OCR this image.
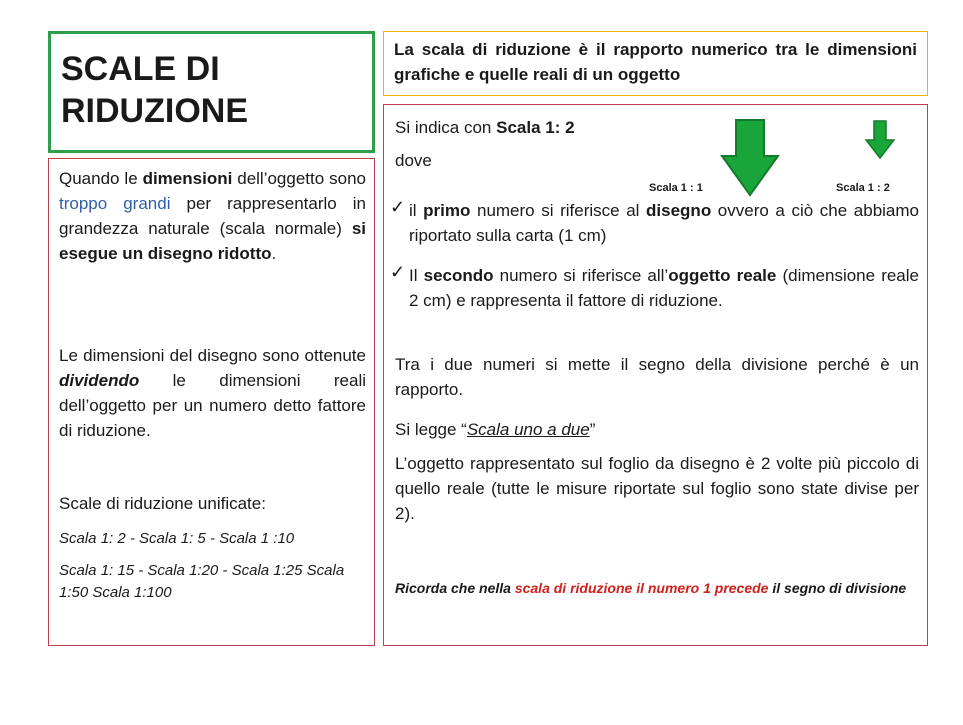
SCALE DI
RIDUZIONE

La scala di riduzione è il rapporto numerico tra le dimensioni grafiche e quelle reali di un oggetto

Quando le dimensioni dell’oggetto sono troppo grandi per rappresentarlo in grandezza naturale (scala normale) si esegue un disegno ridotto.

Le dimensioni del disegno sono ottenute dividendo le dimensioni reali dell’oggetto per un numero detto fattore di riduzione.

Scale di riduzione unificate:

Scala 1: 2 - Scala 1: 5 - Scala 1 :10

Scala 1: 15 - Scala 1:20 - Scala 1:25 Scala 1:50 Scala 1:100

Si indica con Scala 1: 2

dove

Scala 1 : 1	Scala 1 : 2
✓ il primo numero si riferisce al disegno ovvero a ciò che abbiamo riportato sulla carta (1 cm)

✓ Il secondo numero si riferisce all’oggetto reale (dimensione reale 2 cm) e rappresenta il fattore di riduzione.

Tra i due numeri si mette il segno della divisione perché è un rapporto.

Si legge “Scala uno a due”

L’oggetto rappresentato sul foglio da disegno è 2 volte più piccolo di quello reale (tutte le misure riportate sul foglio sono state divise per 2).

Ricorda che nella scala di riduzione il numero 1 precede il segno di divisione
